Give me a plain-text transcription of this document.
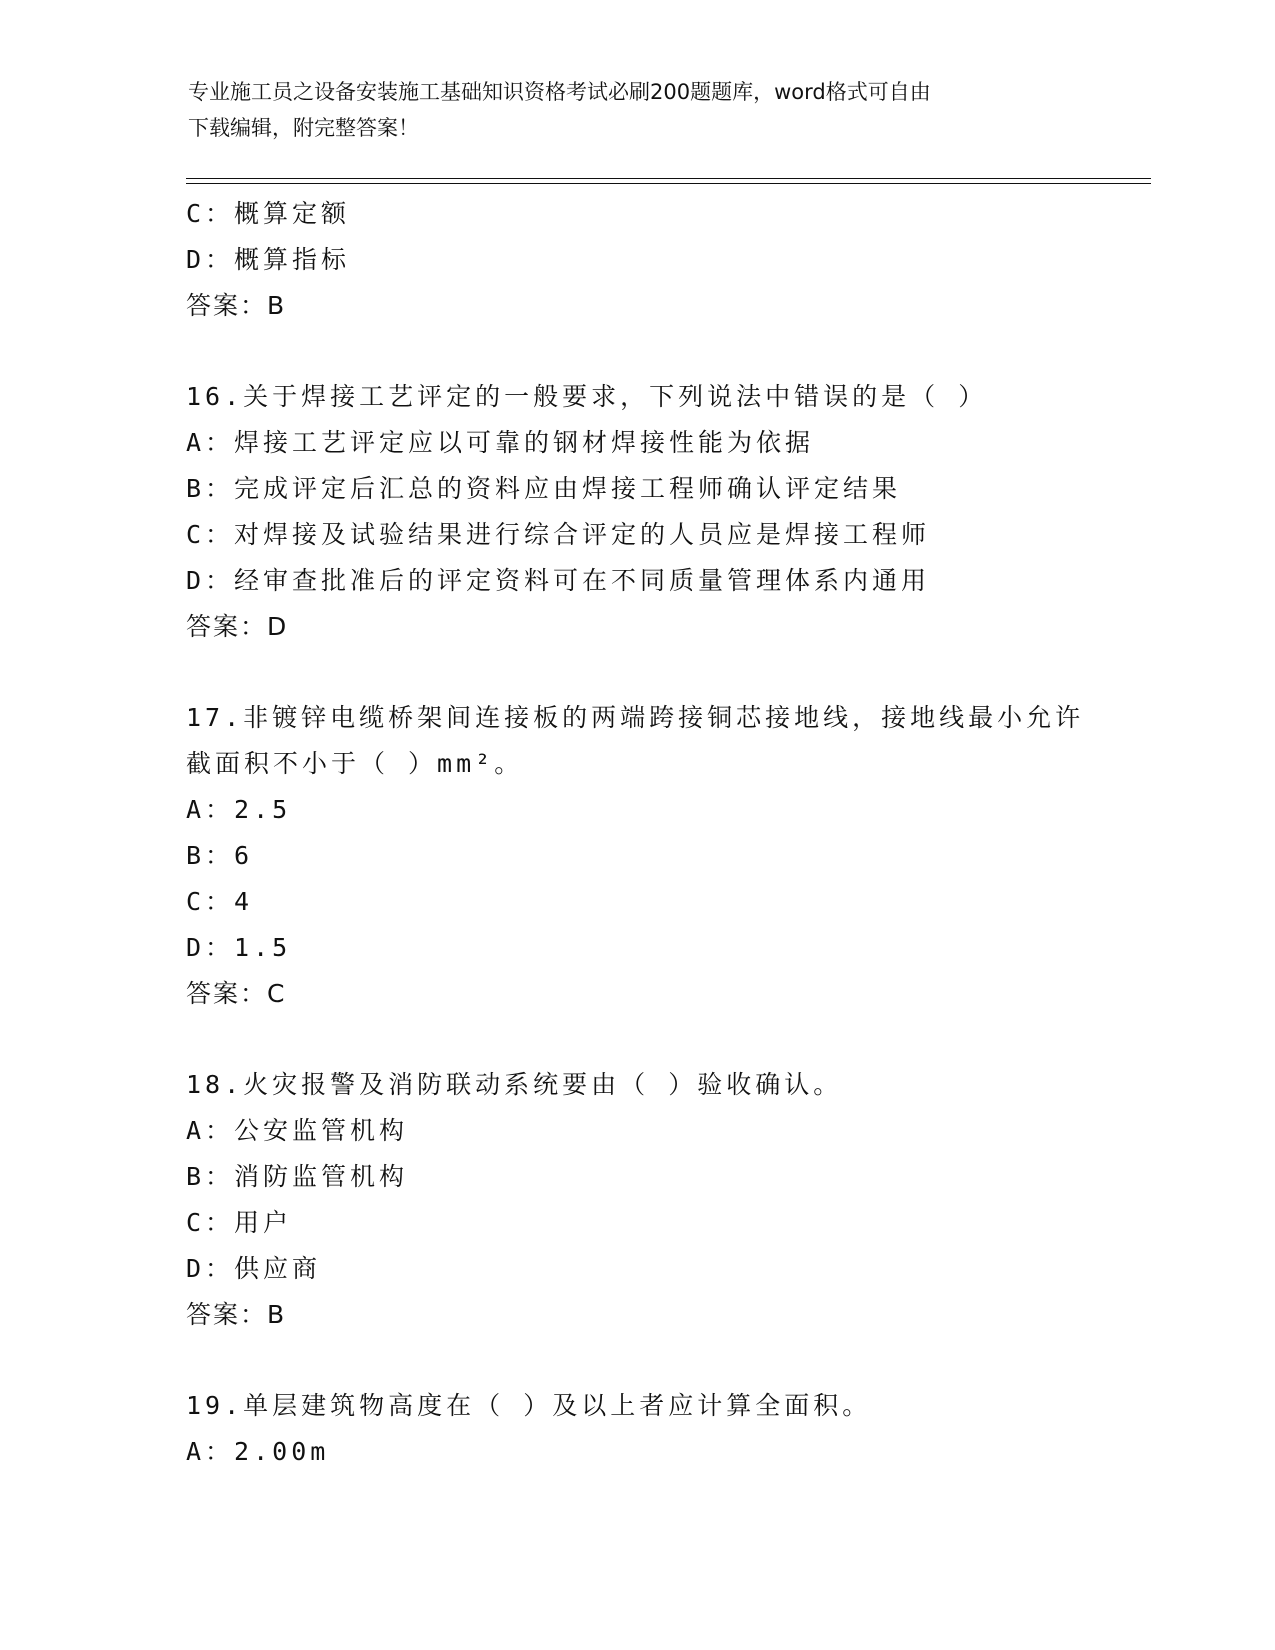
专业施工员之设备安装施工基础知识资格考试必刷200题题库，word格式可自由
下载编辑，附完整答案！
C：概算定额
D：概算指标
答案：B
16.关于焊接工艺评定的一般要求，下列说法中错误的是（ ）
A：焊接工艺评定应以可靠的钢材焊接性能为依据
B：完成评定后汇总的资料应由焊接工程师确认评定结果
C：对焊接及试验结果进行综合评定的人员应是焊接工程师
D：经审查批准后的评定资料可在不同质量管理体系内通用
答案：D
17.非镀锌电缆桥架间连接板的两端跨接铜芯接地线，接地线最小允许
截面积不小于（ ）mm²。
A：2.5
B：6
C：4
D：1.5
答案：C
18.火灾报警及消防联动系统要由（ ）验收确认。
A：公安监管机构
B：消防监管机构
C：用户
D：供应商
答案：B
19.单层建筑物高度在（ ）及以上者应计算全面积。
A：2.00m
